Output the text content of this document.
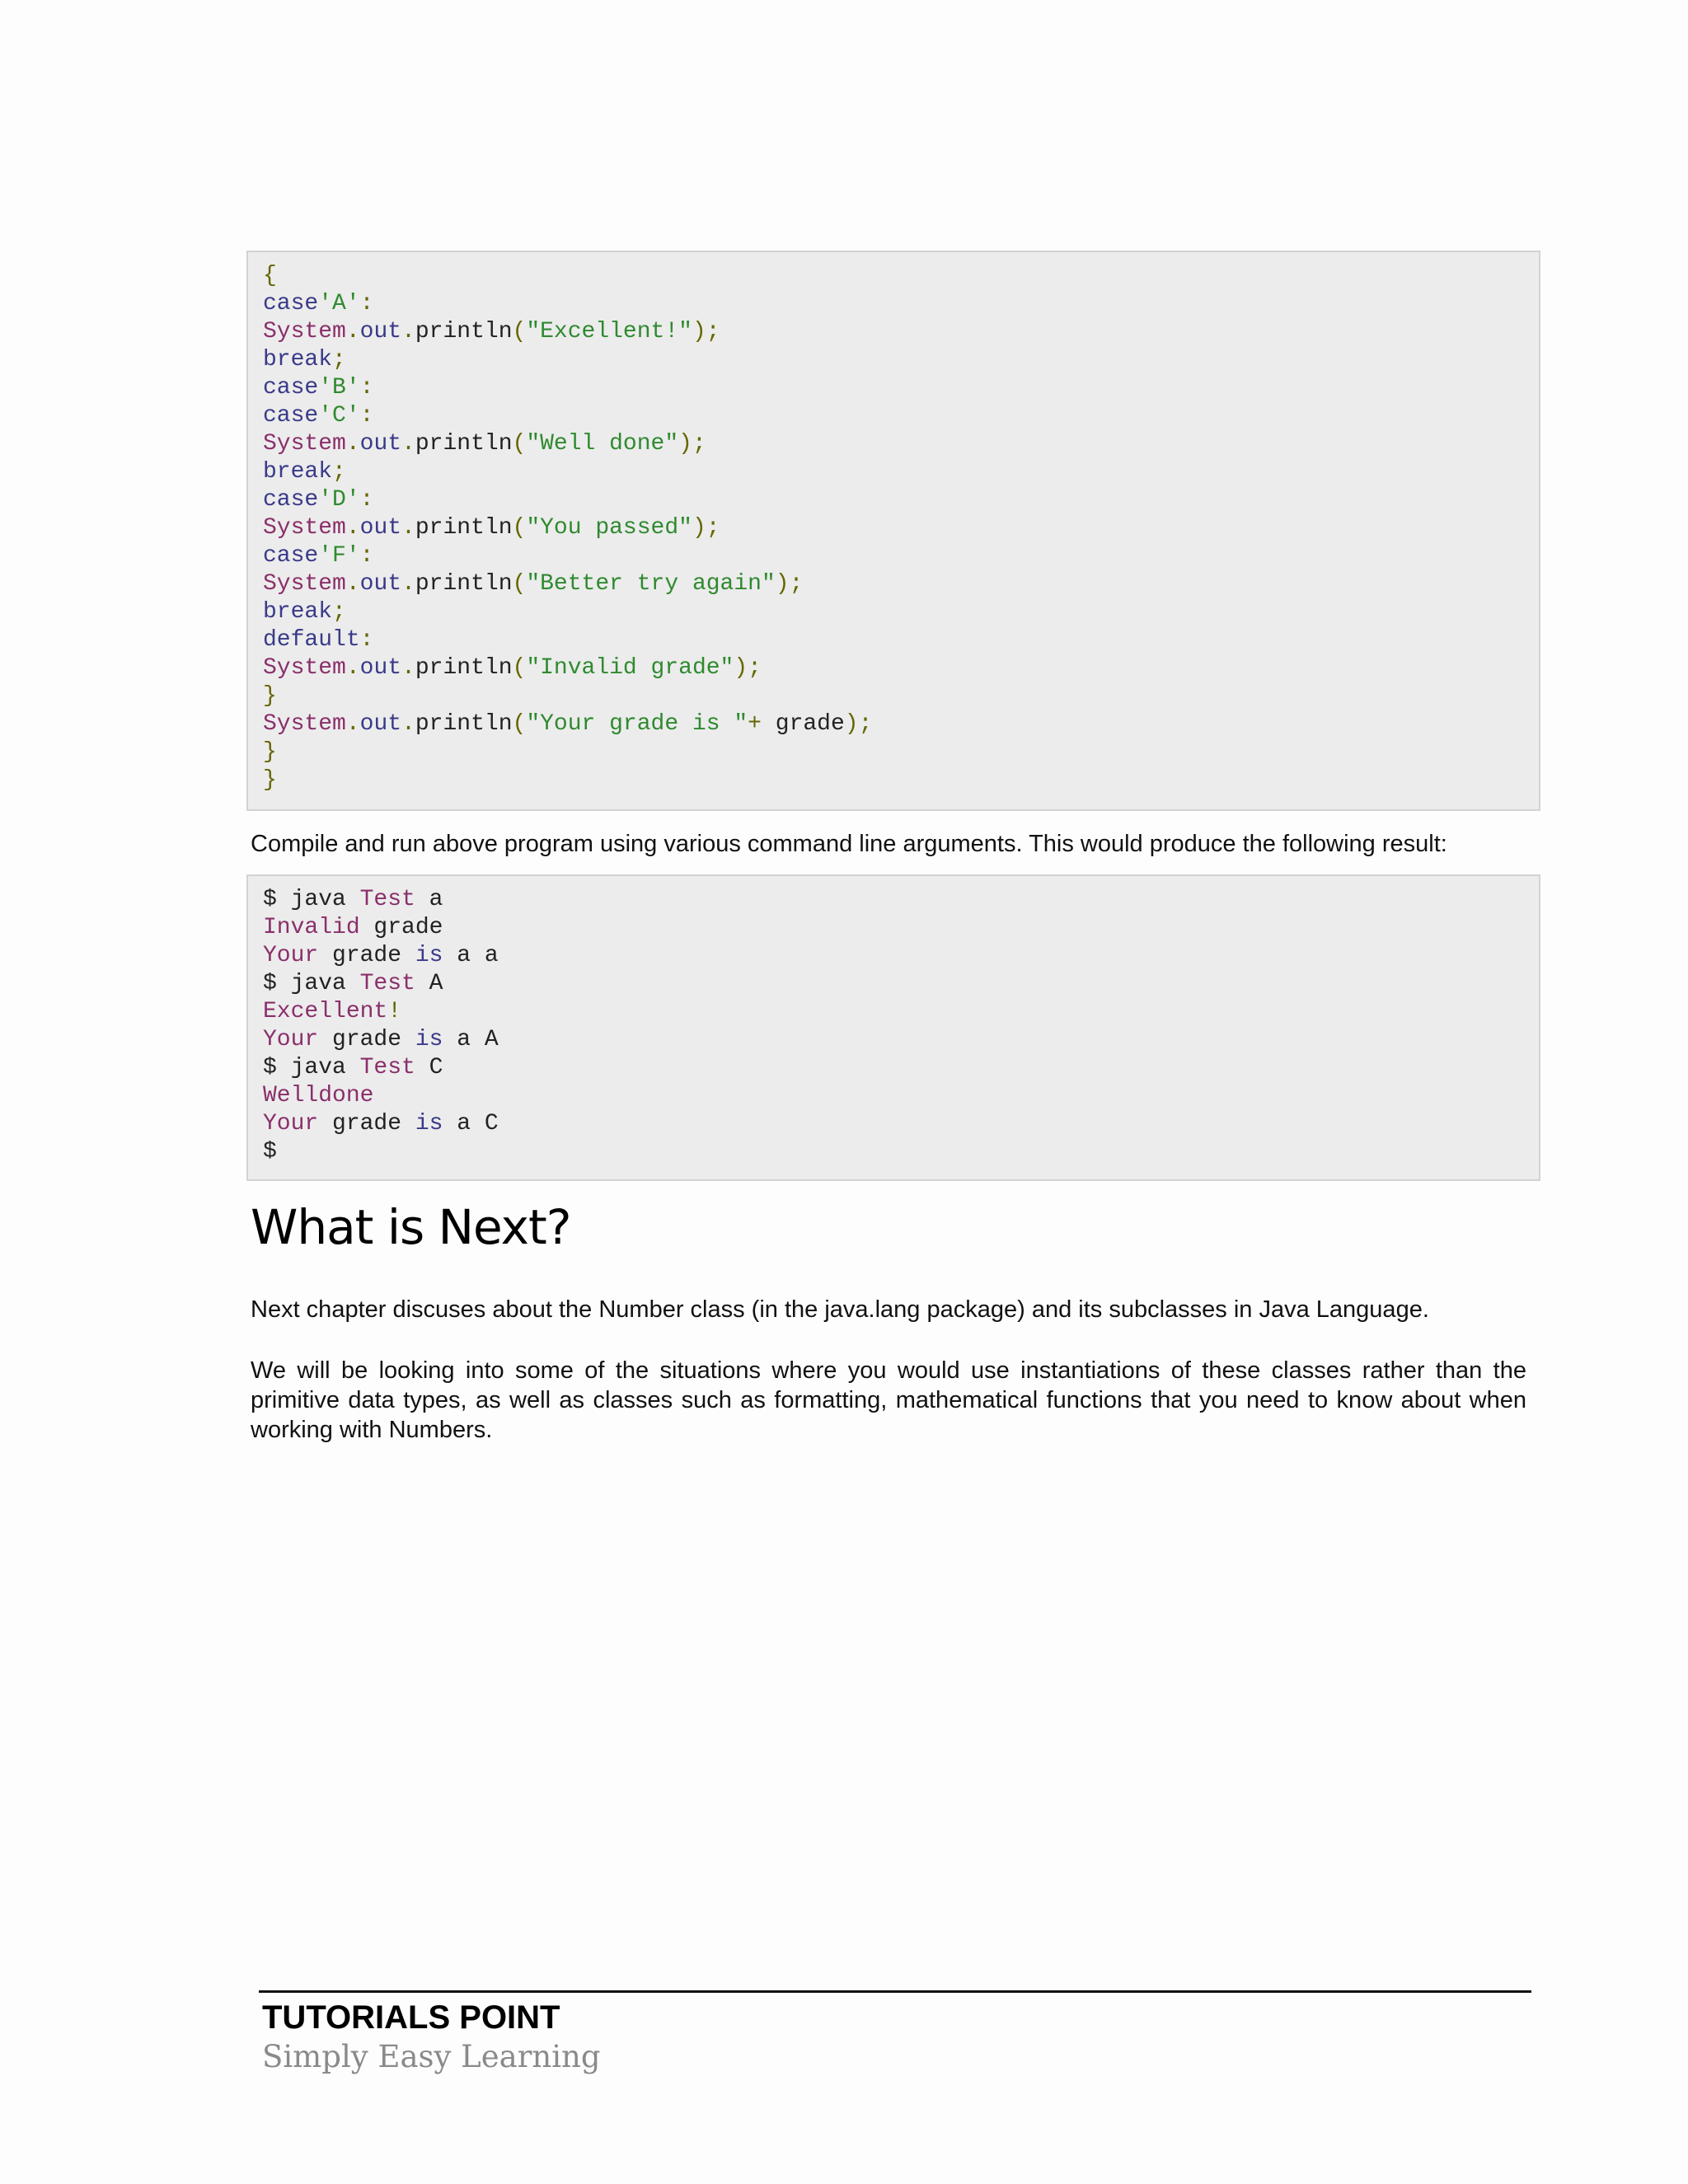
{
case'A':
System.out.println("Excellent!");
break;
case'B':
case'C':
System.out.println("Well done");
break;
case'D':
System.out.println("You passed");
case'F':
System.out.println("Better try again");
break;
default:
System.out.println("Invalid grade");
}
System.out.println("Your grade is "+ grade);
}
}
Compile and run above program using various command line arguments. This would produce the following result:
$ java Test a
Invalid grade
Your grade is a a
$ java Test A
Excellent!
Your grade is a A
$ java Test C
Welldone
Your grade is a C
$
What is Next?
Next chapter discuses about the Number class (in the java.lang package) and its subclasses in Java Language.
We will be looking into some of the situations where you would use instantiations of these classes rather than the primitive data types, as well as classes such as formatting, mathematical functions that you need to know about when working with Numbers.
TUTORIALS POINT
Simply Easy Learning
